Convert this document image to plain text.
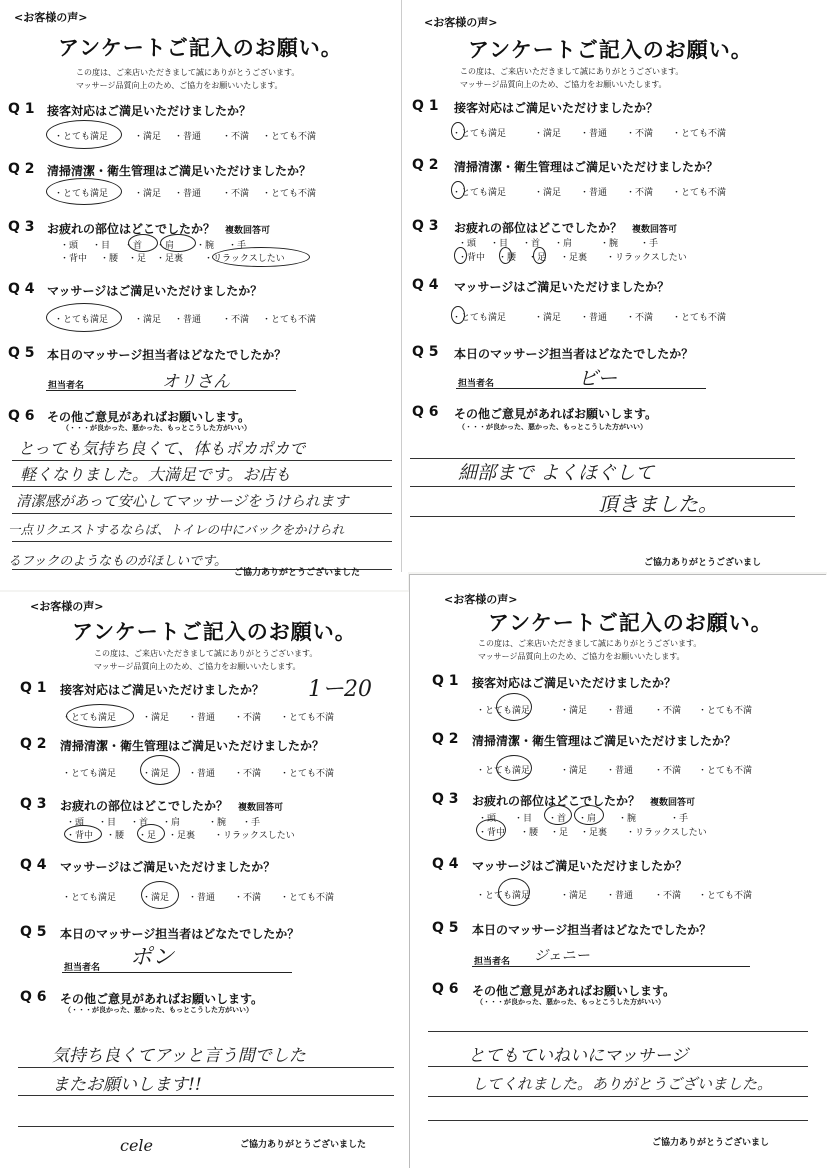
<お客様の声>
アンケートご記入のお願い。
この度は、ご来店いただきまして誠にありがとうございます。
マッサージ品質向上のため、ご協力をお願いいたします。
Q 1 接客対応はご満足いただけましたか？
・とても満足	・満足 ・普通 ・不満 ・とても不満
Q 2 清掃清潔・衛生管理はご満足いただけましたか？
・とても満足	・満足 ・普通 ・不満 ・とても不満
Q 3 お疲れの部位はどこでしたか？ 複数回答可
・頭 ・目 ・首 ・肩 ・腕 ・手
・背中 ・腰 ・足 ・足裏 ・リラックスしたい
Q 4 マッサージはご満足いただけましたか？
・とても満足	・満足 ・普通 ・不満 ・とても不満
Q 5 本日のマッサージ担当者はどなたでしたか？
担当者名	オリさん
Q 6 その他ご意見があればお願いします。
（・・・が良かった、悪かった、もっとこうした方がいい）
とっても気持ち良くて、体もポカポカで
軽くなりました。大満足です。お店も
清潔感があって安心してマッサージをうけられます
一点リクエストするならば、トイレの中にバックをかけられ
るフックのようなものがほしいです。
ご協力ありがとうございました
<お客様の声>
アンケートご記入のお願い。
この度は、ご来店いただきまして誠にありがとうございます。
マッサージ品質向上のため、ご協力をお願いいたします。
Q 1 接客対応はご満足いただけましたか？
・とても満足	・満足 ・普通 ・不満 ・とても不満
Q 2 清掃清潔・衛生管理はご満足いただけましたか？
・とても満足	・満足 ・普通 ・不満 ・とても不満
Q 3 お疲れの部位はどこでしたか？ 複数回答可
・頭 ・目 ・首 ・肩	・腕 ・手
・背中 ・腰 ・足 ・足裏 ・リラックスしたい
Q 4 マッサージはご満足いただけましたか？
・とても満足	・満足 ・普通 ・不満 ・とても不満
Q 5 本日のマッサージ担当者はどなたでしたか？
担当者名	ビー
Q 6 その他ご意見があればお願いします。
（・・・が良かった、悪かった、もっとこうした方がいい）
細部まで よくほぐして
頂きました。
ご協力ありがとうございまし
<お客様の声>
アンケートご記入のお願い。
この度は、ご来店いただきまして誠にありがとうございます。
マッサージ品質向上のため、ご協力をお願いいたします。
Q 1 接客対応はご満足いただけましたか？ 1ー20
・とても満足	・満足 ・普通 ・不満 ・とても不満
Q 2 清掃清潔・衛生管理はご満足いただけましたか？
・とても満足	・満足 ・普通 ・不満 ・とても不満
Q 3 お疲れの部位はどこでしたか？ 複数回答可
・頭 ・目 ・首 ・肩	・腕 ・手
・背中 ・腰 ・足 ・足裏 ・リラックスしたい
Q 4 マッサージはご満足いただけましたか？
・とても満足	・満足 ・普通 ・不満 ・とても不満
Q 5 本日のマッサージ担当者はどなたでしたか？
担当者名 ポン
Q 6 その他ご意見があればお願いします。
（・・・が良かった、悪かった、もっとこうした方がいい）
気持ち良くてアッと言う間でした
またお願いします!!
cele	ご協力ありがとうございました
<お客様の声>
アンケートご記入のお願い。
この度は、ご来店いただきまして誠にありがとうございます。
マッサージ品質向上のため、ご協力をお願いいたします。
Q 1 接客対応はご満足いただけましたか？
・とても満足	・満足 ・普通 ・不満 ・とても不満
Q 2 清掃清潔・衛生管理はご満足いただけましたか？
・とても満足	・満足 ・普通 ・不満 ・とても不満
Q 3 お疲れの部位はどこでしたか？ 複数回答可
・頭 ・目 ・首 ・肩 ・腕	・手
・背中 ・腰 ・足 ・足裏 ・リラックスしたい
Q 4 マッサージはご満足いただけましたか？
・とても満足	・満足 ・普通 ・不満 ・とても不満
Q 5 本日のマッサージ担当者はどなたでしたか？
担当者名 ジェニー
Q 6 その他ご意見があればお願いします。
（・・・が良かった、悪かった、もっとこうした方がいい）
とてもていねいにマッサージ
してくれました。ありがとうございました。
ご協力ありがとうございまし
